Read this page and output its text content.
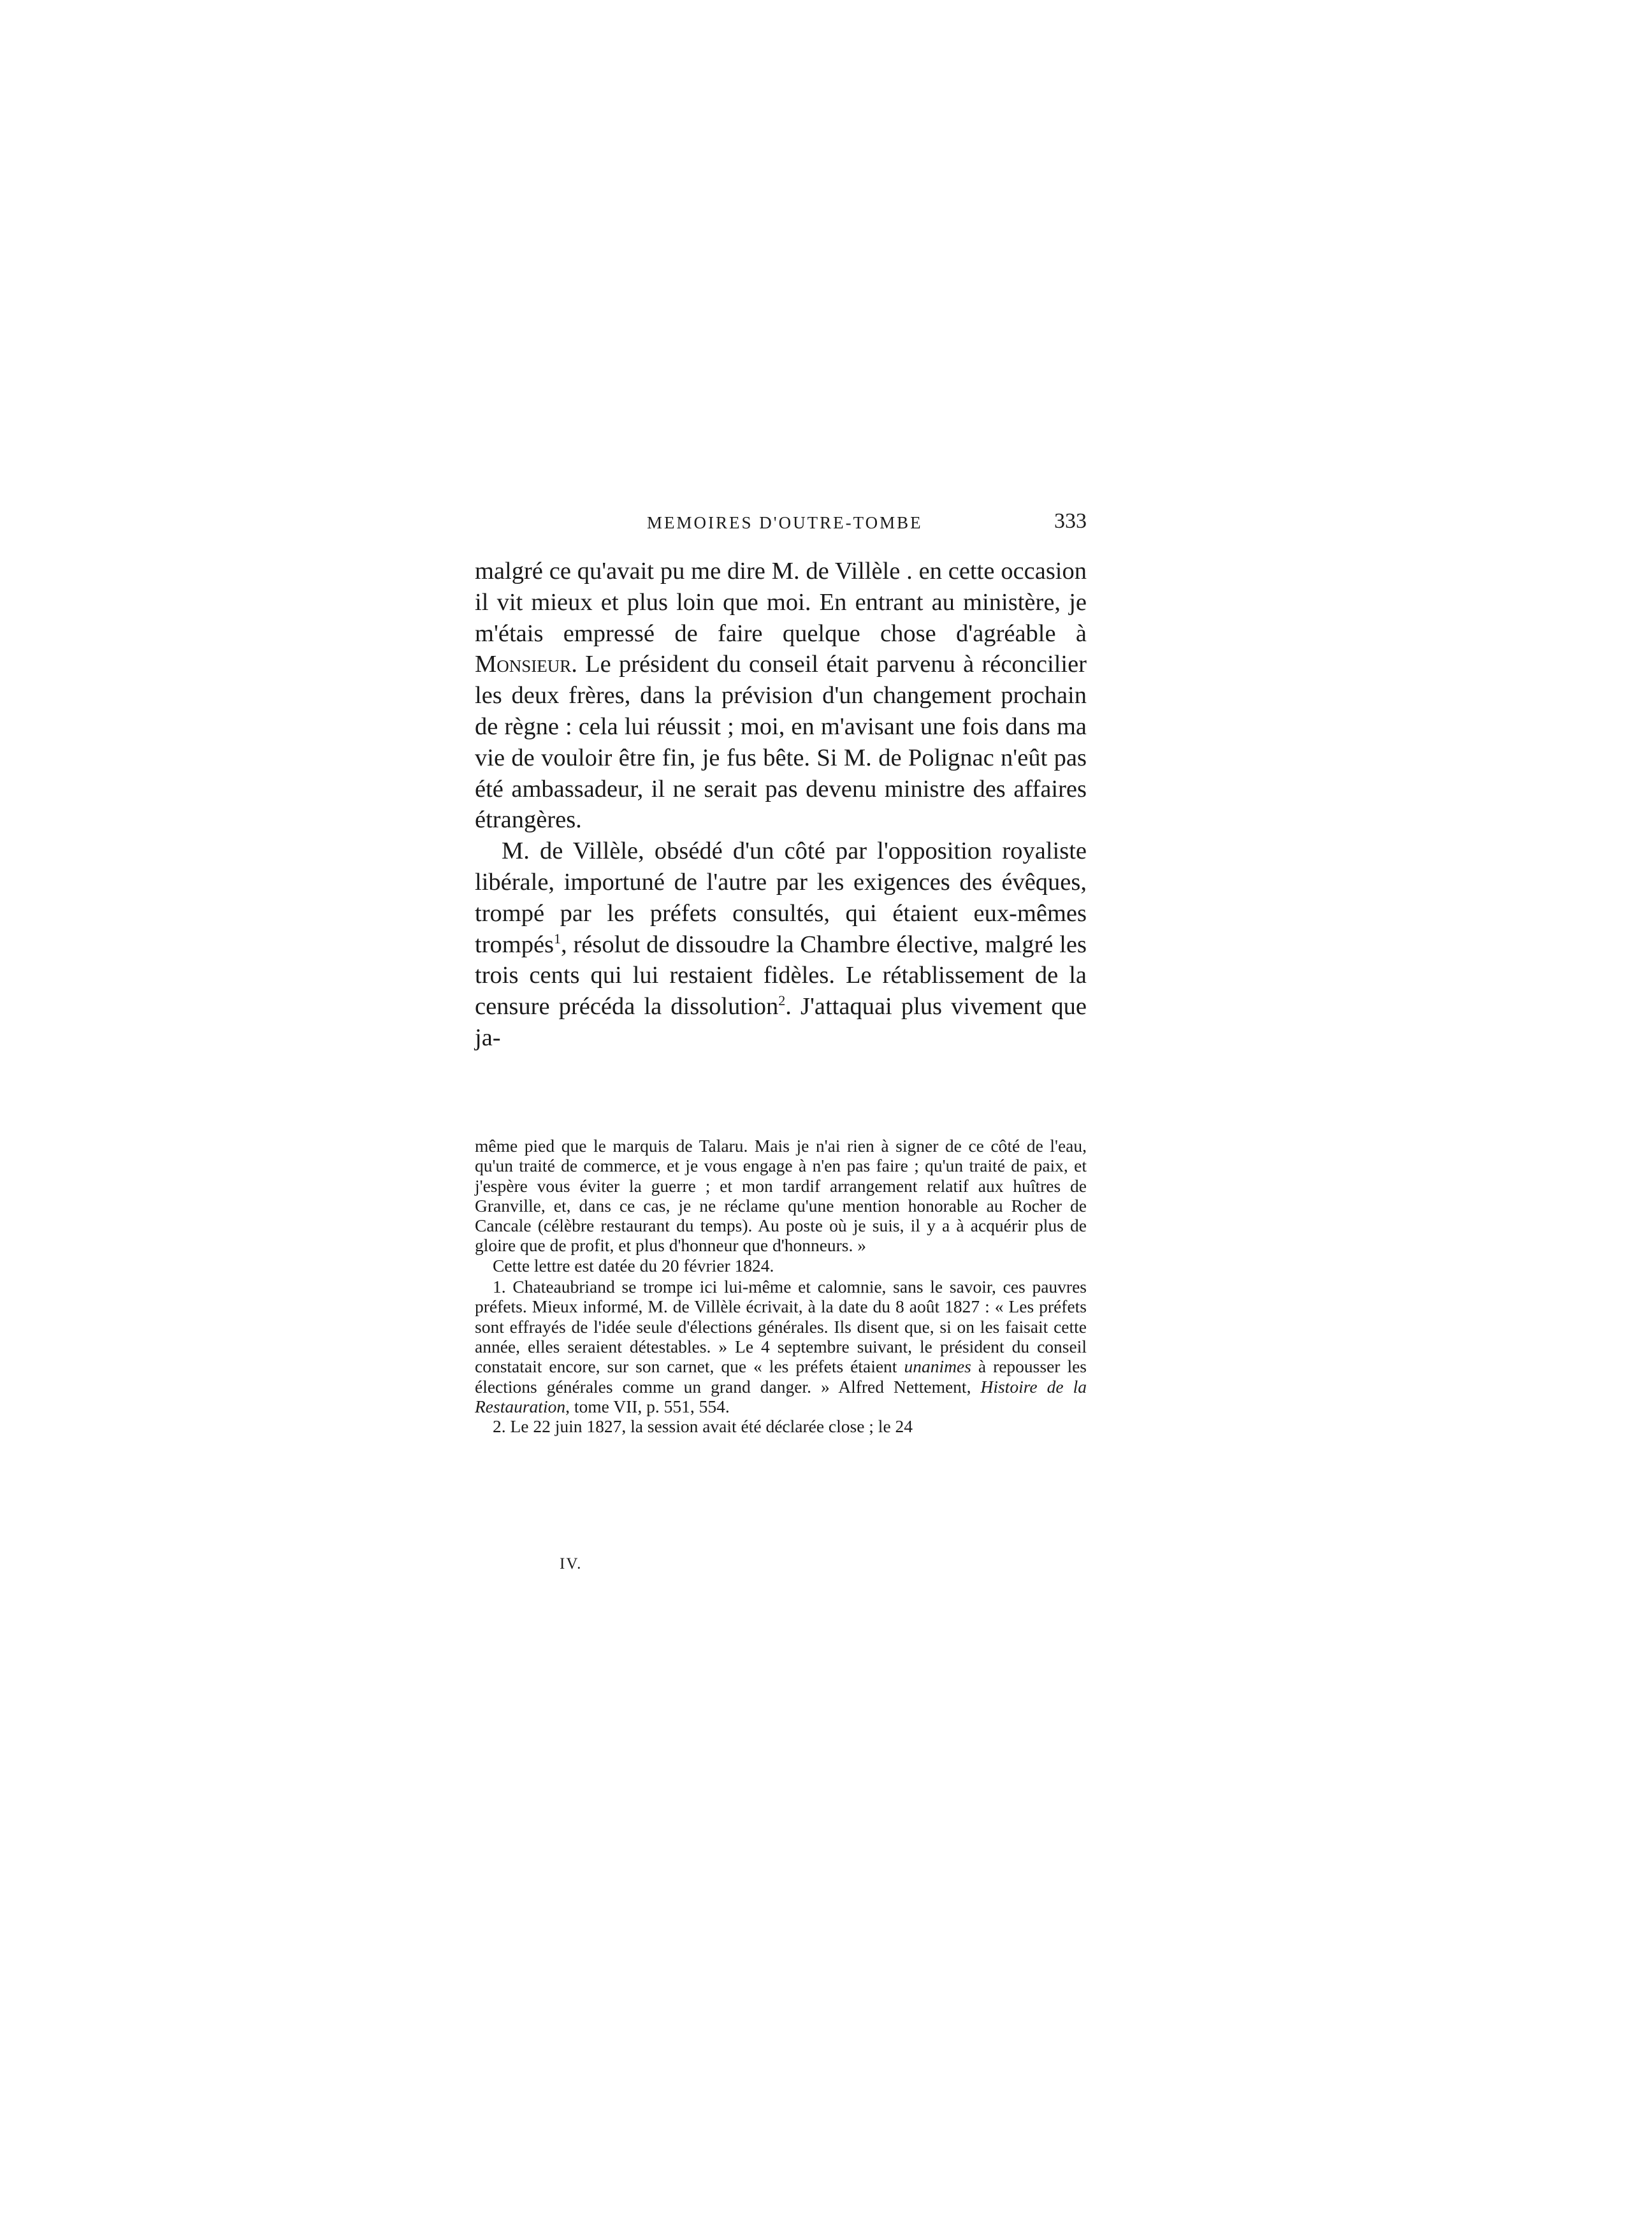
MEMOIRES D'OUTRE-TOMBE	333

malgré ce qu'avait pu me dire M. de Villèle . en cette occasion il vit mieux et plus loin que moi. En entrant au ministère, je m'étais empressé de faire quelque chose d'agréable à Monsieur. Le président du conseil était parvenu à réconcilier les deux frères, dans la prévision d'un changement prochain de règne : cela lui réussit ; moi, en m'avisant une fois dans ma vie de vouloir être fin, je fus bête. Si M. de Polignac n'eût pas été ambassadeur, il ne serait pas devenu ministre des affaires étrangères.

M. de Villèle, obsédé d'un côté par l'opposition royaliste libérale, importuné de l'autre par les exigences des évêques, trompé par les préfets consultés, qui étaient eux-mêmes trompés$^1$, résolut de dissoudre la Chambre élective, malgré les trois cents qui lui restaient fidèles. Le rétablissement de la censure précéda la dissolution$^2$. J'attaquai plus vivement que ja-

même pied que le marquis de Talaru. Mais je n'ai rien à signer de ce côté de l'eau, qu'un traité de commerce, et je vous engage à n'en pas faire ; qu'un traité de paix, et j'espère vous éviter la guerre ; et mon tardif arrangement relatif aux huîtres de Granville, et, dans ce cas, je ne réclame qu'une mention honorable au Rocher de Cancale (célèbre restaurant du temps). Au poste où je suis, il y a à acquérir plus de gloire que de profit, et plus d'honneur que d'honneurs. »

Cette lettre est datée du 20 février 1824.

1. Chateaubriand se trompe ici lui-même et calomnie, sans le savoir, ces pauvres préfets. Mieux informé, M. de Villèle écrivait, à la date du 8 août 1827 : « Les préfets sont effrayés de l'idée seule d'élections générales. Ils disent que, si on les faisait cette année, elles seraient détestables. » Le 4 septembre suivant, le président du conseil constatait encore, sur son carnet, que « les préfets étaient unanimes à repousser les élections générales comme un grand danger. » Alfred Nettement, Histoire de la Restauration, tome VII, p. 551, 554.

2. Le 22 juin 1827, la session avait été déclarée close ; le 24

IV.
